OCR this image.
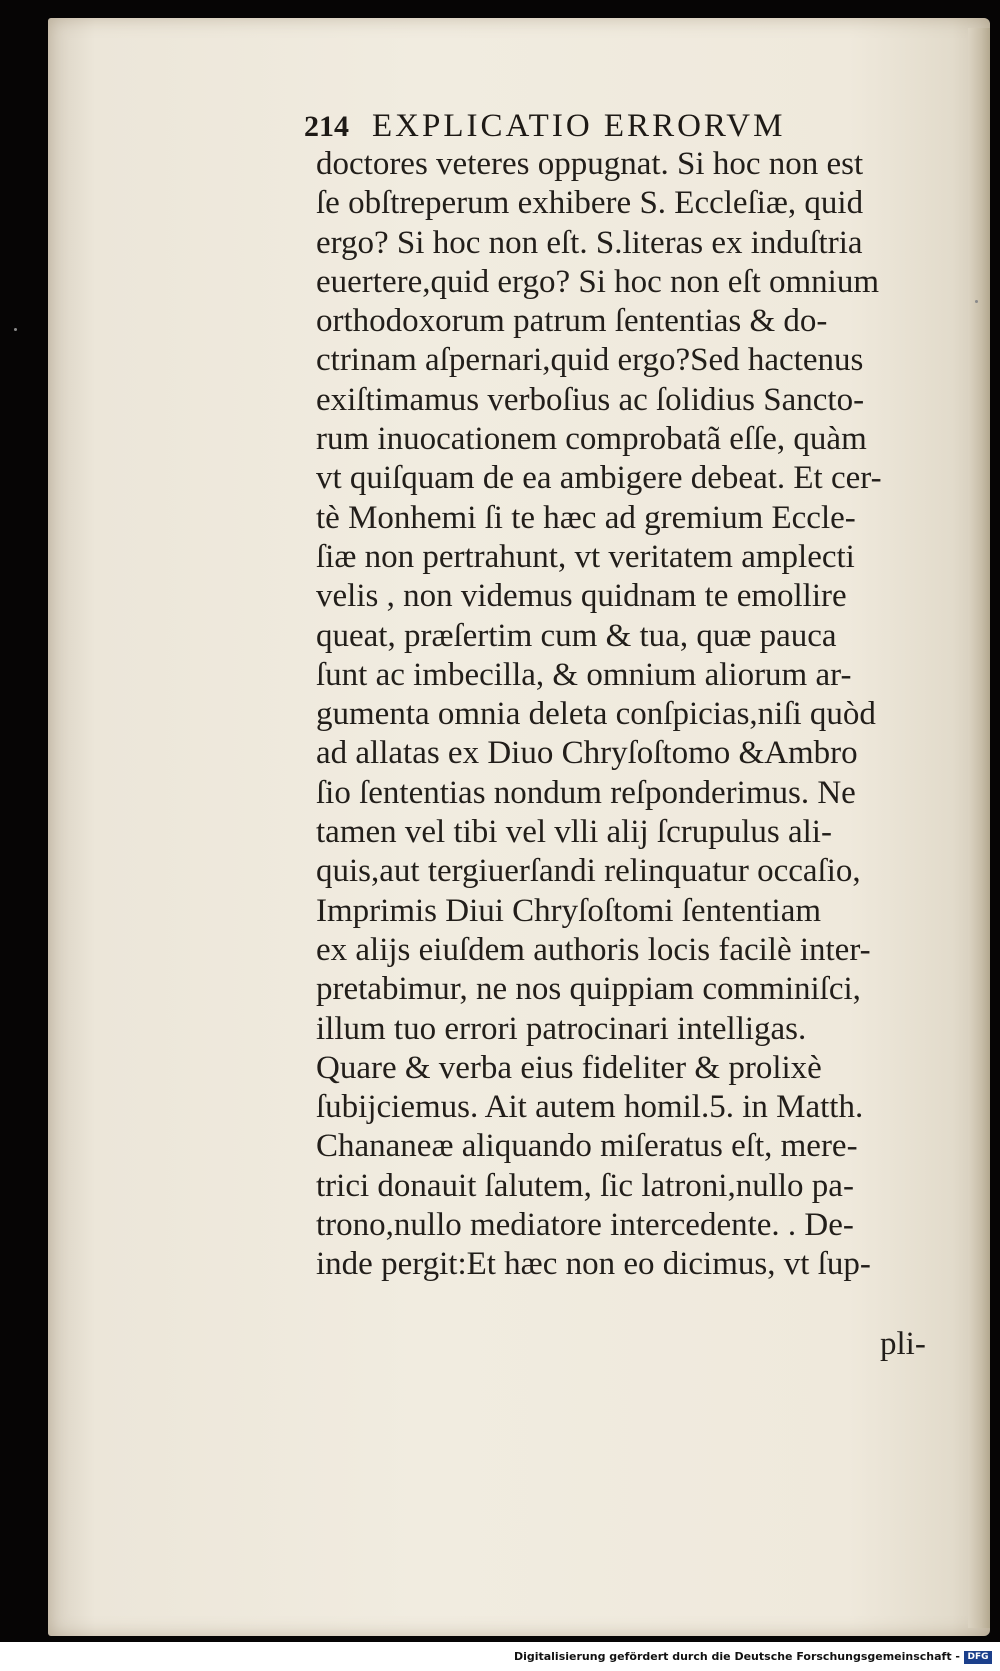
214 EXPLICATIO ERRORVM
doctores veteres oppugnat. Si hoc non est
ſe obſtreperum exhibere S. Eccleſiæ, quid
ergo? Si hoc non eſt. S.literas ex induſtria
euertere,quid ergo? Si hoc non eſt omnium
orthodoxorum patrum ſententias & do-
ctrinam aſpernari,quid ergo?Sed hactenus
exiſtimamus verboſius ac ſolidius Sancto-
rum inuocationem comprobatã eſſe, quàm
vt quiſquam de ea ambigere debeat. Et cer-
tè Monhemi ſi te hæc ad gremium Eccle-
ſiæ non pertrahunt, vt veritatem amplecti
velis , non videmus quidnam te emollire
queat, præſertim cum & tua, quæ pauca
ſunt ac imbecilla, & omnium aliorum ar-
gumenta omnia deleta conſpicias,niſi quòd
ad allatas ex Diuo Chryſoſtomo &Ambro
ſio ſententias nondum reſponderimus. Ne
tamen vel tibi vel vlli alij ſcrupulus ali-
quis,aut tergiuerſandi relinquatur occaſio,
Imprimis Diui Chryſoſtomi ſententiam
ex alijs eiuſdem authoris locis facilè inter-
pretabimur, ne nos quippiam comminiſci,
illum tuo errori patrocinari intelligas.
Quare & verba eius fideliter & prolixè
ſubijciemus. Ait autem homil.5. in Matth.
Chananeæ aliquando miſeratus eſt, mere-
trici donauit ſalutem, ſic latroni,nullo pa-
trono,nullo mediatore intercedente. . De-
inde pergit:Et hæc non eo dicimus, vt ſup-
pli-
Digitalisierung gefördert durch die Deutsche Forschungsgemeinschaft - DFG
